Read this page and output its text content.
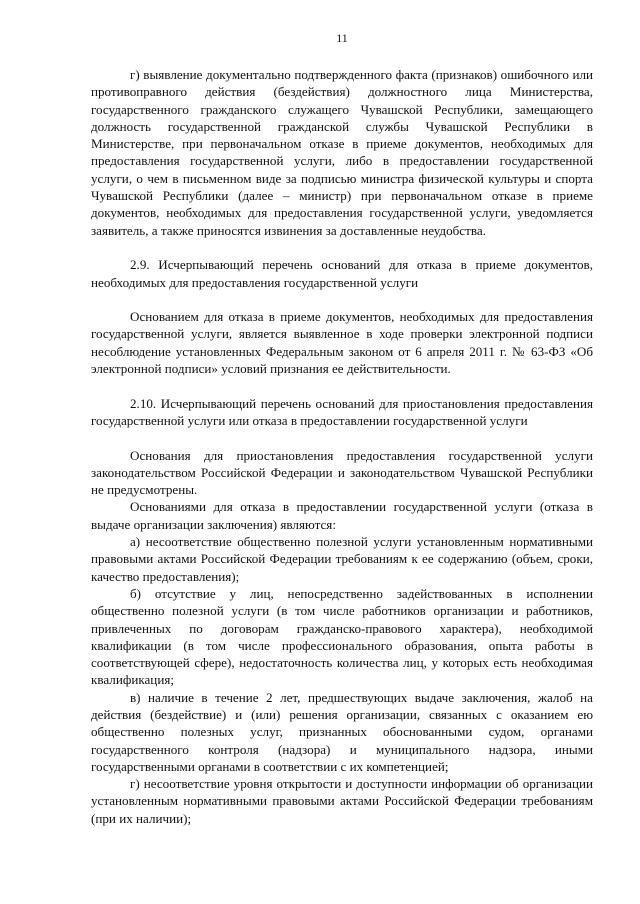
11

г) выявление документально подтвержденного факта (признаков) ошибочного или противоправного действия (бездействия) должностного лица Министерства, государственного гражданского служащего Чувашской Республики, замещающего должность государственной гражданской службы Чувашской Республики в Министерстве, при первоначальном отказе в приеме документов, необходимых для предоставления государственной услуги, либо в предоставлении государственной услуги, о чем в письменном виде за подписью министра физической культуры и спорта Чувашской Республики (далее – министр) при первоначальном отказе в приеме документов, необходимых для предоставления государственной услуги, уведомляется заявитель, а также приносятся извинения за доставленные неудобства.

2.9. Исчерпывающий перечень оснований для отказа в приеме документов, необходимых для предоставления государственной услуги

Основанием для отказа в приеме документов, необходимых для предоставления государственной услуги, является выявленное в ходе проверки электронной подписи несоблюдение установленных Федеральным законом от 6 апреля 2011 г. № 63-ФЗ «Об электронной подписи» условий признания ее действительности.

2.10. Исчерпывающий перечень оснований для приостановления предоставления государственной услуги или отказа в предоставлении государственной услуги

Основания для приостановления предоставления государственной услуги законодательством Российской Федерации и законодательством Чувашской Республики не предусмотрены.

Основаниями для отказа в предоставлении государственной услуги (отказа в выдаче организации заключения) являются:

а) несоответствие общественно полезной услуги установленным нормативными правовыми актами Российской Федерации требованиям к ее содержанию (объем, сроки, качество предоставления);

б) отсутствие у лиц, непосредственно задействованных в исполнении общественно полезной услуги (в том числе работников организации и работников, привлеченных по договорам гражданско-правового характера), необходимой квалификации (в том числе профессионального образования, опыта работы в соответствующей сфере), недостаточность количества лиц, у которых есть необходимая квалификация;

в) наличие в течение 2 лет, предшествующих выдаче заключения, жалоб на действия (бездействие) и (или) решения организации, связанных с оказанием ею общественно полезных услуг, признанных обоснованными судом, органами государственного контроля (надзора) и муниципального надзора, иными государственными органами в соответствии с их компетенцией;

г) несоответствие уровня открытости и доступности информации об организации установленным нормативными правовыми актами Российской Федерации требованиям (при их наличии);
